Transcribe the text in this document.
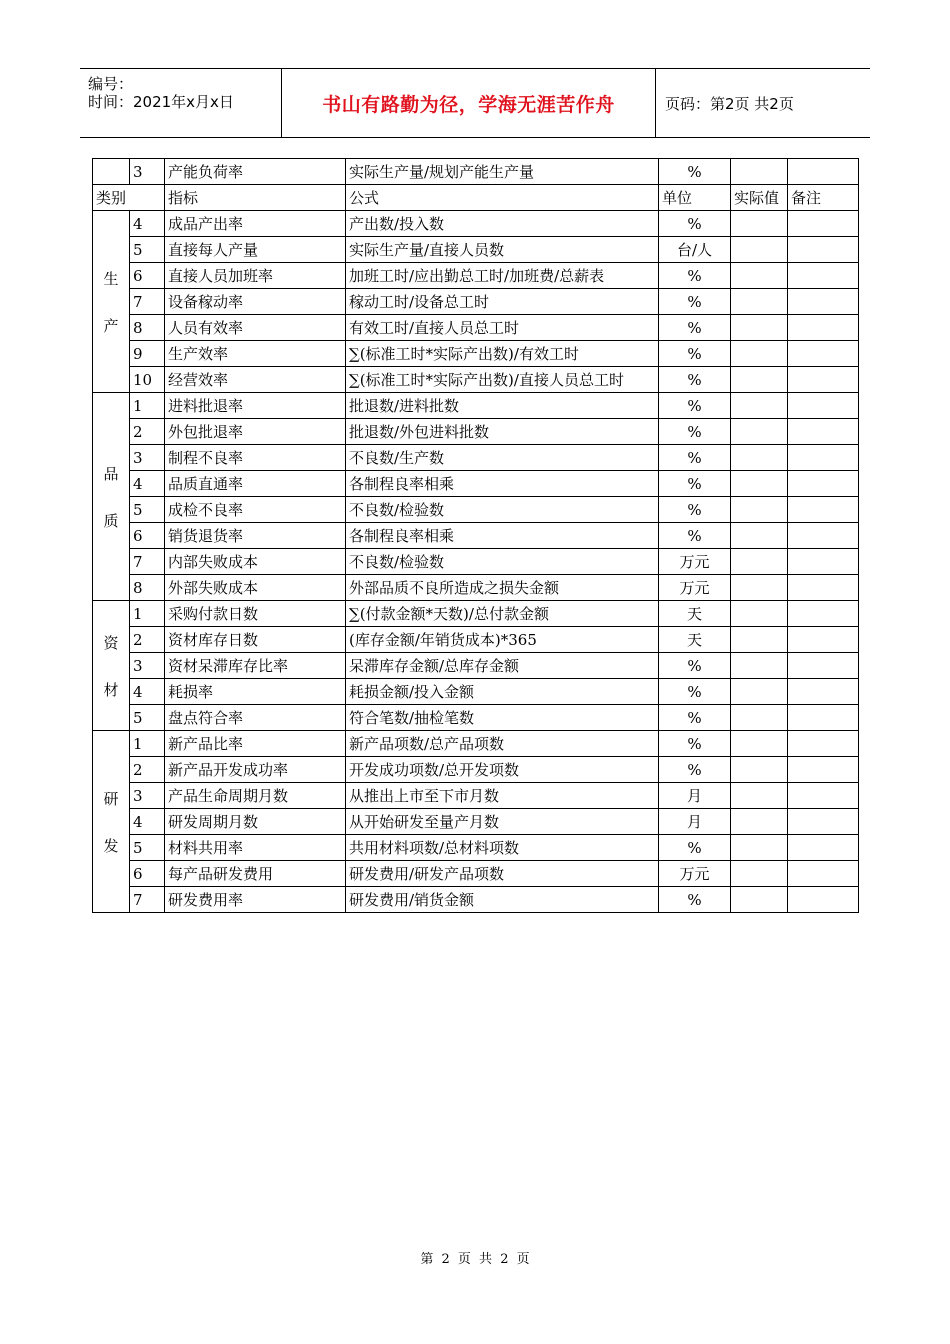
编号：
时间：2021年x月x日	书山有路勤为径，学海无涯苦作舟	页码：第2页 共2页
	3	产能负荷率	实际生产量/规划产能生产量	%		
类别		指标	公式	单位	实际值	备注

生
产	4	成品产出率	产出数/投入数	%		
	5	直接每人产量	实际生产量/直接人员数	台/人		
	6	直接人员加班率	加班工时/应出勤总工时/加班费/总薪表	%		
	7	设备稼动率	稼动工时/设备总工时	%		
	8	人员有效率	有效工时/直接人员总工时	%		
	9	生产效率	∑(标准工时*实际产出数)/有效工时	%		
	10	经营效率	∑(标准工时*实际产出数)/直接人员总工时	%		

品
质	1	进料批退率	批退数/进料批数	%		
	2	外包批退率	批退数/外包进料批数	%		
	3	制程不良率	不良数/生产数	%		
	4	品质直通率	各制程良率相乘	%		
	5	成检不良率	不良数/检验数	%		
	6	销货退货率	各制程良率相乘	%		
	7	内部失败成本	不良数/检验数	万元		
	8	外部失败成本	外部品质不良所造成之损失金额	万元		

资
材	1	采购付款日数	∑(付款金额*天数)/总付款金额	天		
	2	资材库存日数	(库存金额/年销货成本)*365	天		
	3	资材呆滞库存比率	呆滞库存金额/总库存金额	%		
	4	耗损率	耗损金额/投入金额	%		
	5	盘点符合率	符合笔数/抽检笔数	%		

研
发	1	新产品比率	新产品项数/总产品项数	%		
	2	新产品开发成功率	开发成功项数/总开发项数	%		
	3	产品生命周期月数	从推出上市至下市月数	月		
	4	研发周期月数	从开始研发至量产月数	月		
	5	材料共用率	共用材料项数/总材料项数	%		
	6	每产品研发费用	研发费用/研发产品项数	万元		
	7	研发费用率	研发费用/销货金额	%		
第 2 页 共 2 页
